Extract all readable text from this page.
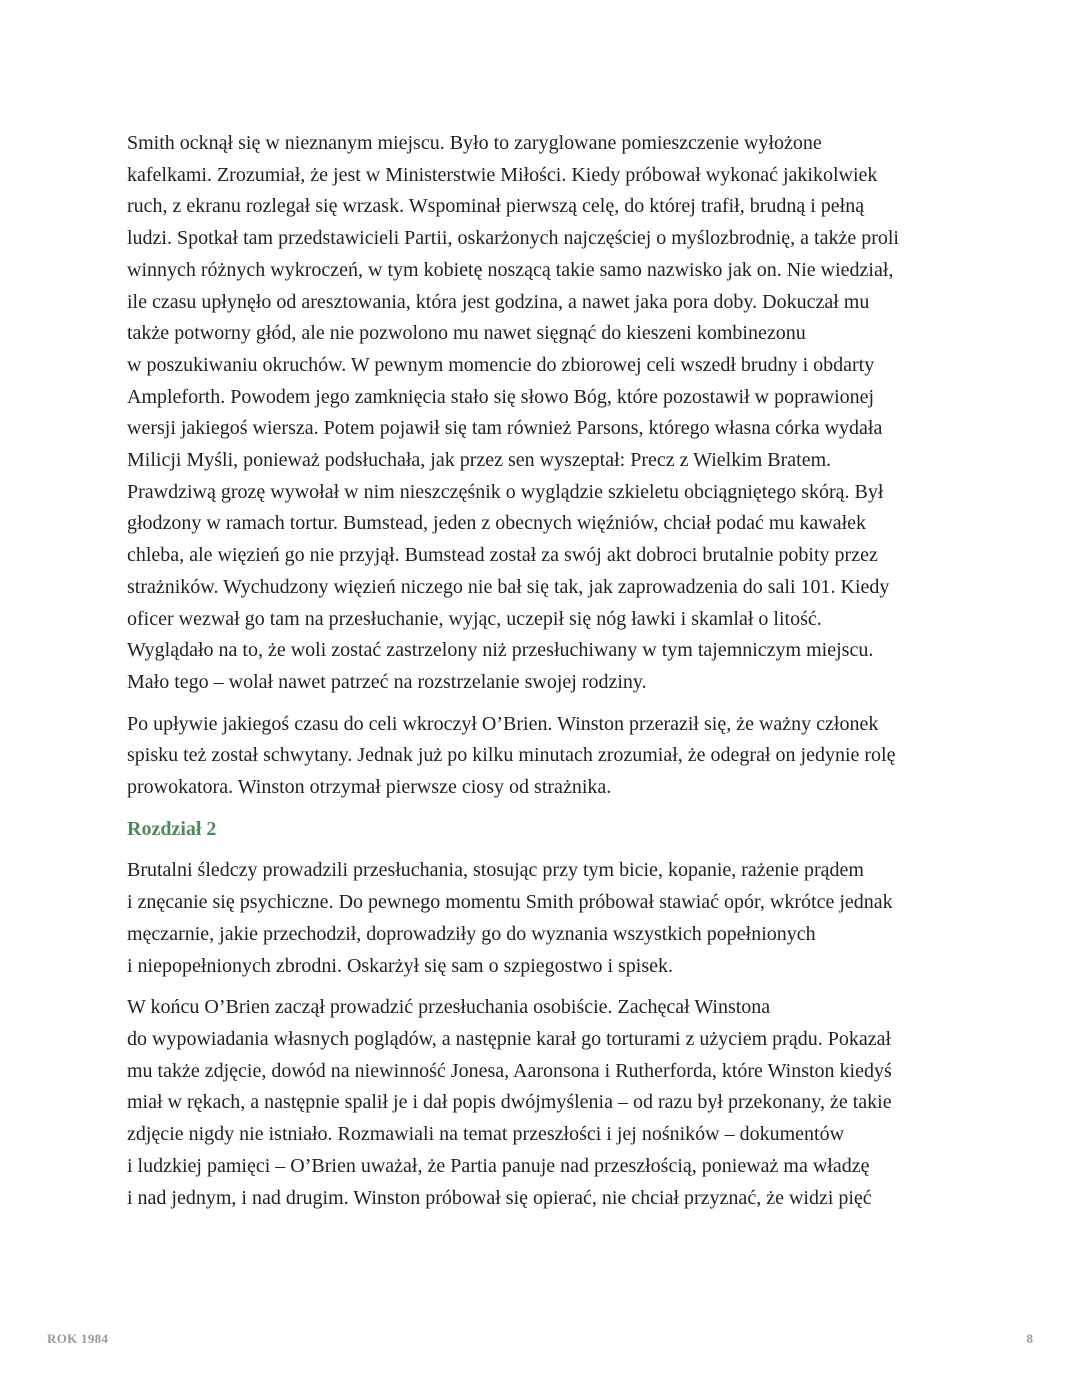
Smith ocknął się w nieznanym miejscu. Było to zaryglowane pomieszczenie wyłożone
kafelkami. Zrozumiał, że jest w Ministerstwie Miłości. Kiedy próbował wykonać jakikolwiek
ruch, z ekranu rozlegał się wrzask. Wspominał pierwszą celę, do której trafił, brudną i pełną
ludzi. Spotkał tam przedstawicieli Partii, oskarżonych najczęściej o myślozbrodnię, a także proli
winnych różnych wykroczeń, w tym kobietę noszącą takie samo nazwisko jak on. Nie wiedział,
ile czasu upłynęło od aresztowania, która jest godzina, a nawet jaka pora doby. Dokuczał mu
także potworny głód, ale nie pozwolono mu nawet sięgnąć do kieszeni kombinezonu
w poszukiwaniu okruchów. W pewnym momencie do zbiorowej celi wszedł brudny i obdarty
Ampleforth. Powodem jego zamknięcia stało się słowo Bóg, które pozostawił w poprawionej
wersji jakiegoś wiersza. Potem pojawił się tam również Parsons, którego własna córka wydała
Milicji Myśli, ponieważ podsłuchała, jak przez sen wyszeptał: Precz z Wielkim Bratem.
Prawdziwą grozę wywołał w nim nieszczęśnik o wyglądzie szkieletu obciągniętego skórą. Był
głodzony w ramach tortur. Bumstead, jeden z obecnych więźniów, chciał podać mu kawałek
chleba, ale więzień go nie przyjął. Bumstead został za swój akt dobroci brutalnie pobity przez
strażników. Wychudzony więzień niczego nie bał się tak, jak zaprowadzenia do sali 101. Kiedy
oficer wezwał go tam na przesłuchanie, wyjąc, uczepił się nóg ławki i skamlał o litość.
Wyglądało na to, że woli zostać zastrzelony niż przesłuchiwany w tym tajemniczym miejscu.
Mało tego – wolał nawet patrzeć na rozstrzelanie swojej rodziny.

Po upływie jakiegoś czasu do celi wkroczył O’Brien. Winston przeraził się, że ważny członek
spisku też został schwytany. Jednak już po kilku minutach zrozumiał, że odegrał on jedynie rolę
prowokatora. Winston otrzymał pierwsze ciosy od strażnika.

Rozdział 2

Brutalni śledczy prowadzili przesłuchania, stosując przy tym bicie, kopanie, rażenie prądem
i znęcanie się psychiczne. Do pewnego momentu Smith próbował stawiać opór, wkrótce jednak
męczarnie, jakie przechodził, doprowadziły go do wyznania wszystkich popełnionych
i niepopełnionych zbrodni. Oskarżył się sam o szpiegostwo i spisek.

W końcu O’Brien zaczął prowadzić przesłuchania osobiście. Zachęcał Winstona
do wypowiadania własnych poglądów, a następnie karał go torturami z użyciem prądu. Pokazał
mu także zdjęcie, dowód na niewinność Jonesa, Aaronsona i Rutherforda, które Winston kiedyś
miał w rękach, a następnie spalił je i dał popis dwójmyślenia – od razu był przekonany, że takie
zdjęcie nigdy nie istniało. Rozmawiali na temat przeszłości i jej nośników – dokumentów
i ludzkiej pamięci – O’Brien uważał, że Partia panuje nad przeszłością, ponieważ ma władzę
i nad jednym, i nad drugim. Winston próbował się opierać, nie chciał przyznać, że widzi pięć

ROK 1984	8
